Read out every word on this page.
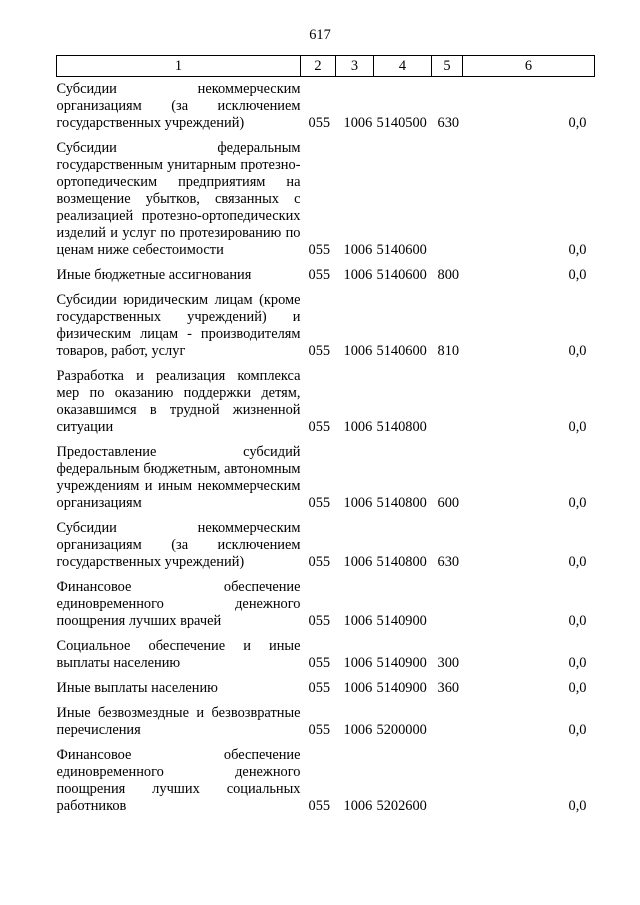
617
1	2	3	4	5	6
Субсидии некоммерческим организациям (за исключением государственных учреждений)	055	1006	5140500	630	0,0
Субсидии федеральным государственным унитарным протезно-ортопедическим предприятиям на возмещение убытков, связанных с реализацией протезно-ортопедических изделий и услуг по протезированию по ценам ниже себестоимости	055	1006	5140600		0,0
Иные бюджетные ассигнования	055	1006	5140600	800	0,0
Субсидии юридическим лицам (кроме государственных учреждений) и физическим лицам - производителям товаров, работ, услуг	055	1006	5140600	810	0,0
Разработка и реализация комплекса мер по оказанию поддержки детям, оказавшимся в трудной жизненной ситуации	055	1006	5140800		0,0
Предоставление субсидий федеральным бюджетным, автономным учреждениям и иным некоммерческим организациям	055	1006	5140800	600	0,0
Субсидии некоммерческим организациям (за исключением государственных учреждений)	055	1006	5140800	630	0,0
Финансовое обеспечение единовременного денежного поощрения лучших врачей	055	1006	5140900		0,0
Социальное обеспечение и иные выплаты населению	055	1006	5140900	300	0,0
Иные выплаты населению	055	1006	5140900	360	0,0
Иные безвозмездные и безвозвратные перечисления	055	1006	5200000		0,0
Финансовое обеспечение единовременного денежного поощрения лучших социальных работников	055	1006	5202600		0,0
